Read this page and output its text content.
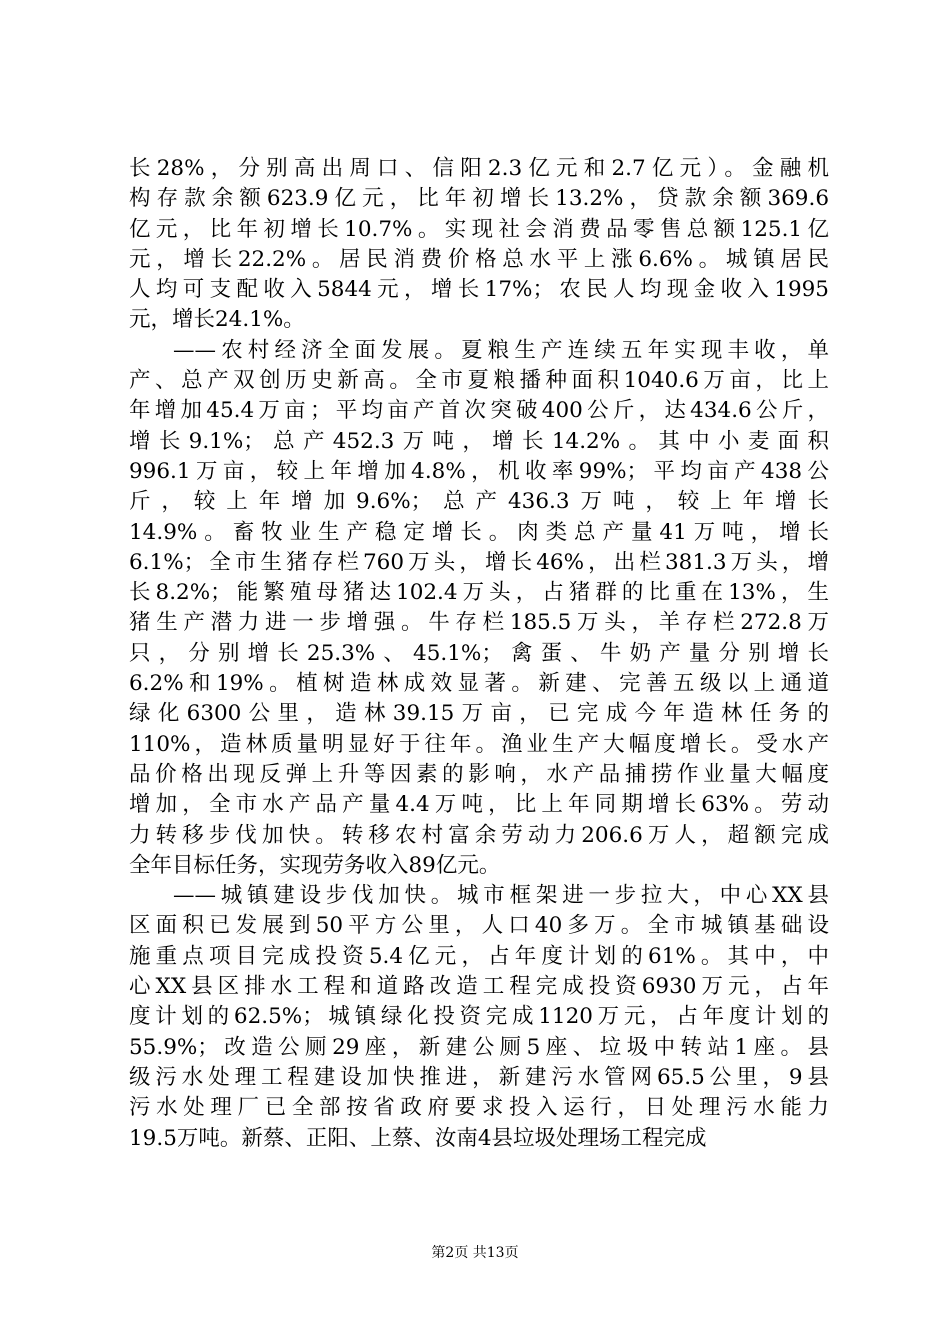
长28%，分别高出周口、信阳2.3亿元和2.7亿元）。金融机
构存款余额623.9亿元，比年初增长13.2%，贷款余额369.6
亿元，比年初增长10.7%。实现社会消费品零售总额125.1亿
元，增长22.2%。居民消费价格总水平上涨6.6%。城镇居民
人均可支配收入5844元，增长17%；农民人均现金收入1995
元，增长24.1%。
——农村经济全面发展。夏粮生产连续五年实现丰收，单
产、总产双创历史新高。全市夏粮播种面积1040.6万亩，比上
年增加45.4万亩；平均亩产首次突破400公斤，达434.6公斤，
增长9.1%；总产452.3万吨，增长14.2%。其中小麦面积
996.1万亩，较上年增加4.8%，机收率99%；平均亩产438公
斤，较上年增加9.6%；总产436.3万吨，较上年增长
14.9%。畜牧业生产稳定增长。肉类总产量41万吨，增长
6.1%；全市生猪存栏760万头，增长46%，出栏381.3万头，增
长8.2%；能繁殖母猪达102.4万头，占猪群的比重在13%，生
猪生产潜力进一步增强。牛存栏185.5万头，羊存栏272.8万
只，分别增长25.3%、45.1%；禽蛋、牛奶产量分别增长
6.2%和19%。植树造林成效显著。新建、完善五级以上通道
绿化6300公里，造林39.15万亩，已完成今年造林任务的
110%，造林质量明显好于往年。渔业生产大幅度增长。受水产
品价格出现反弹上升等因素的影响，水产品捕捞作业量大幅度
增加，全市水产品产量4.4万吨，比上年同期增长63%。劳动
力转移步伐加快。转移农村富余劳动力206.6万人，超额完成
全年目标任务，实现劳务收入89亿元。
——城镇建设步伐加快。城市框架进一步拉大，中心XX县
区面积已发展到50平方公里，人口40多万。全市城镇基础设
施重点项目完成投资5.4亿元，占年度计划的61%。其中，中
心XX县区排水工程和道路改造工程完成投资6930万元，占年
度计划的62.5%；城镇绿化投资完成1120万元，占年度计划的
55.9%；改造公厕29座，新建公厕5座、垃圾中转站1座。县
级污水处理工程建设加快推进，新建污水管网65.5公里，9县
污水处理厂已全部按省政府要求投入运行，日处理污水能力
19.5万吨。新蔡、正阳、上蔡、汝南4县垃圾处理场工程完成
第2页 共13页
